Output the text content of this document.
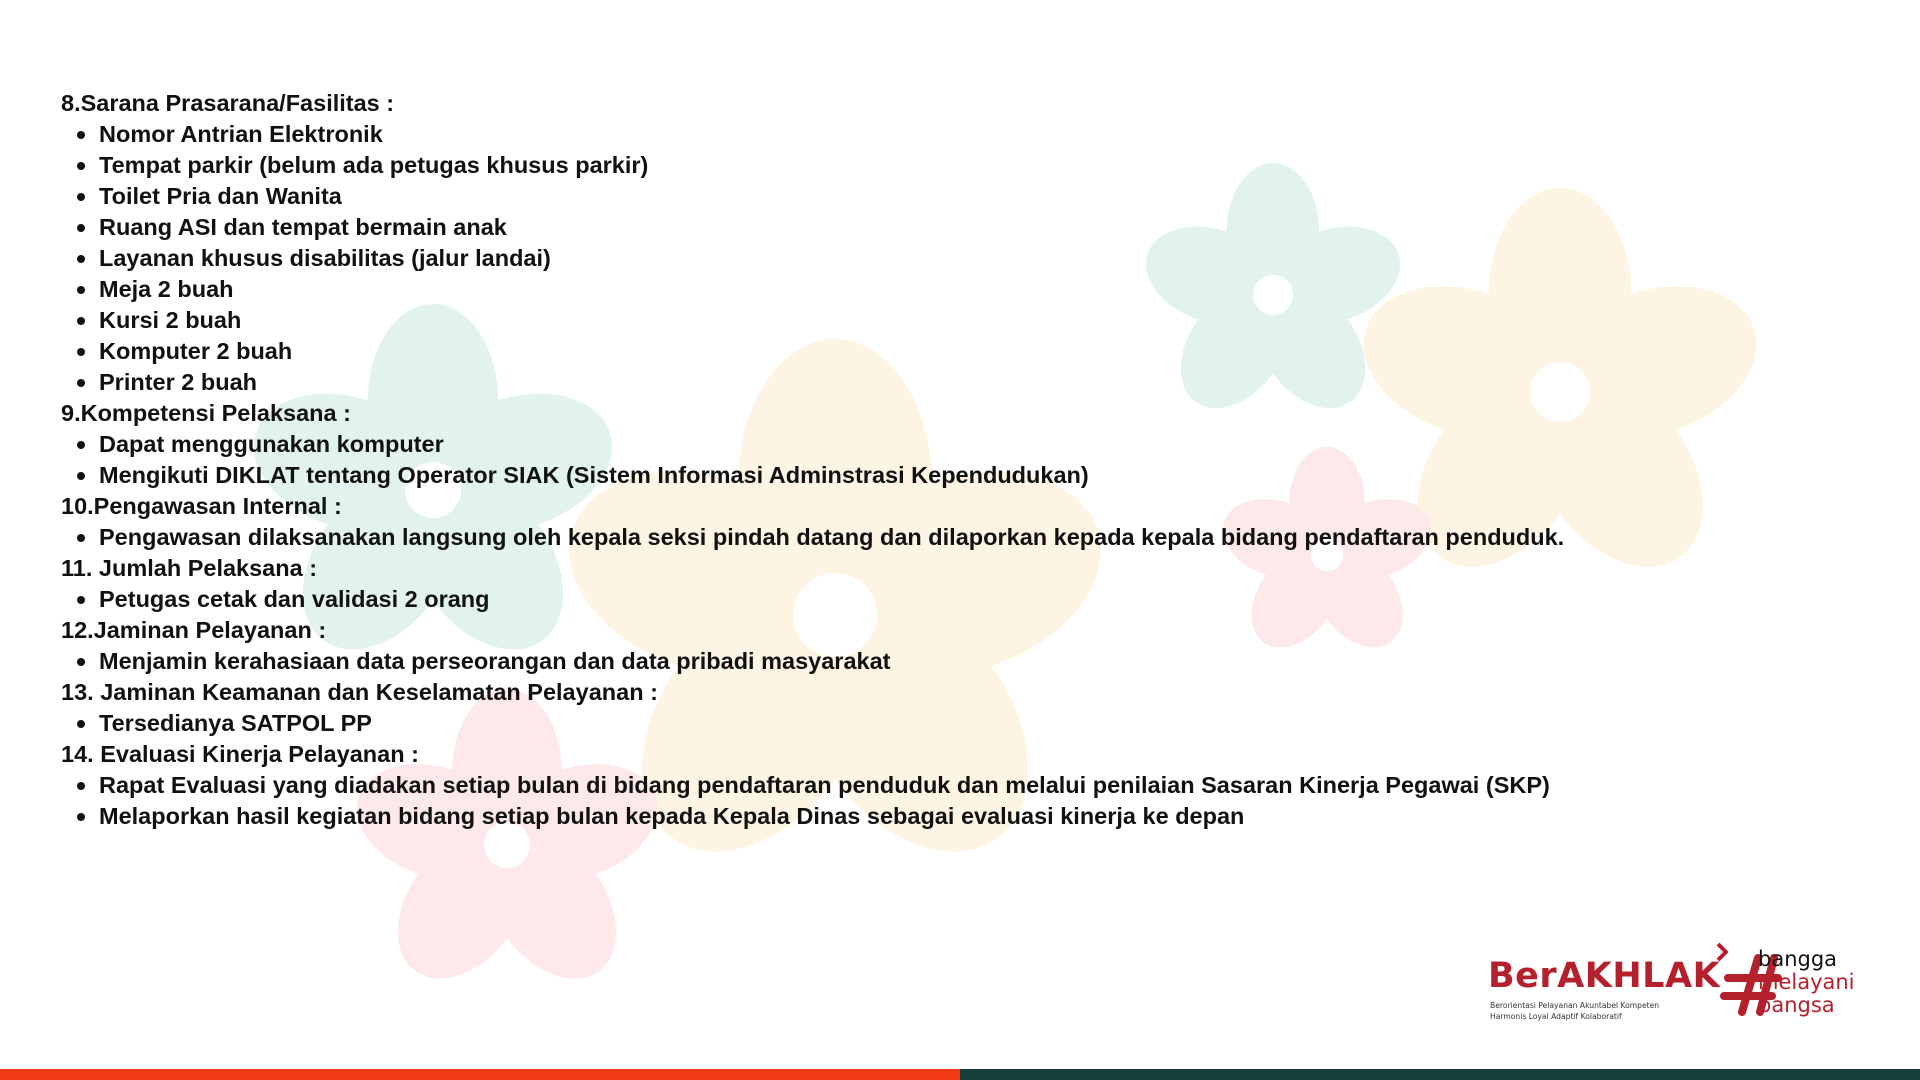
8.Sarana Prasarana/Fasilitas :
Nomor Antrian Elektronik
Tempat parkir (belum ada petugas khusus parkir)
Toilet Pria dan Wanita
Ruang ASI dan tempat bermain anak
Layanan khusus disabilitas (jalur landai)
Meja 2 buah
Kursi 2 buah
Komputer 2 buah
Printer 2 buah
9.Kompetensi Pelaksana :
Dapat menggunakan komputer
Mengikuti DIKLAT tentang Operator SIAK (Sistem Informasi Adminstrasi Kependudukan)
10.Pengawasan Internal :
Pengawasan dilaksanakan langsung oleh kepala seksi pindah datang dan dilaporkan kepada kepala bidang pendaftaran penduduk.
11. Jumlah Pelaksana :
Petugas cetak dan validasi 2 orang
12.Jaminan Pelayanan :
Menjamin kerahasiaan data perseorangan dan data pribadi masyarakat
13. Jaminan Keamanan dan Keselamatan Pelayanan :
Tersedianya SATPOL PP
14. Evaluasi Kinerja Pelayanan :
Rapat Evaluasi yang diadakan setiap bulan di bidang pendaftaran penduduk dan melalui penilaian Sasaran Kinerja Pegawai (SKP)
Melaporkan hasil kegiatan bidang setiap bulan kepada Kepala Dinas sebagai evaluasi kinerja ke depan
BerAKHLAK
Berorientasi Pelayanan Akuntabel Kompeten
Harmonis Loyal Adaptif Kolaboratif
bangga
melayani
bangsa
